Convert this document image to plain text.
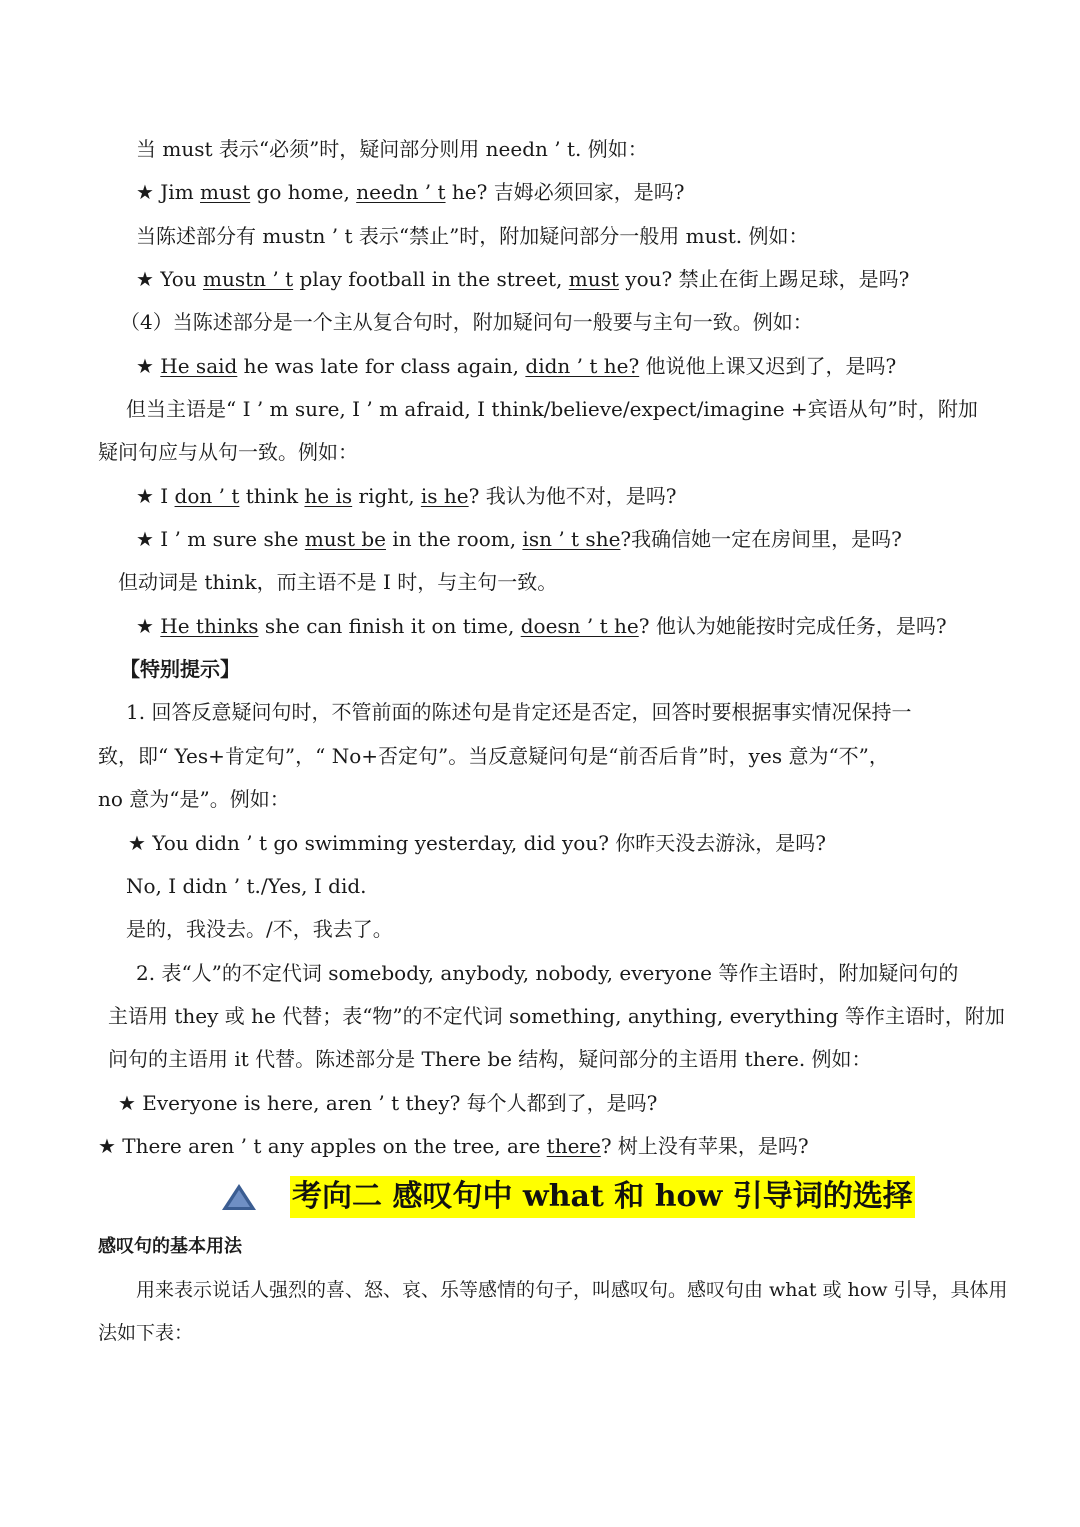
当 must 表示“必须”时，疑问部分则用 needn ’ t. 例如：
★ Jim must go home, needn ’ t he? 吉姆必须回家，是吗?
当陈述部分有 mustn ’ t 表示“禁止”时，附加疑问部分一般用 must. 例如：
★ You mustn ’ t play football in the street, must you? 禁止在街上踢足球，是吗?
（4）当陈述部分是一个主从复合句时，附加疑问句一般要与主句一致。例如：
★ He said he was late for class again, didn ’ t he? 他说他上课又迟到了，是吗?
但当主语是“ I ’ m sure, I ’ m afraid, I think/believe/expect/imagine +宾语从句”时，附加
疑问句应与从句一致。例如：
★ I don ’ t think he is right, is he? 我认为他不对，是吗?
★ I ’ m sure she must be in the room, isn ’ t she?我确信她一定在房间里，是吗?
但动词是 think，而主语不是 I 时，与主句一致。
★ He thinks she can finish it on time, doesn ’ t he? 他认为她能按时完成任务，是吗?
【特别提示】
1. 回答反意疑问句时，不管前面的陈述句是肯定还是否定，回答时要根据事实情况保持一
致，即“ Yes+肯定句”，“ No+否定句”。当反意疑问句是“前否后肯”时，yes 意为“不”，
no 意为“是”。例如：
★ You didn ’ t go swimming yesterday, did you? 你昨天没去游泳，是吗?
No, I didn ’ t./Yes, I did.
是的，我没去。/不，我去了。
2. 表“人”的不定代词 somebody, anybody, nobody, everyone 等作主语时，附加疑问句的
主语用 they 或 he 代替；表“物”的不定代词 something, anything, everything 等作主语时，附加
问句的主语用 it 代替。陈述部分是 There be 结构，疑问部分的主语用 there. 例如：
★ Everyone is here, aren ’ t they? 每个人都到了，是吗?
★ There aren ’ t any apples on the tree, are there? 树上没有苹果，是吗?
考向二 感叹句中 what 和 how 引导词的选择
感叹句的基本用法
用来表示说话人强烈的喜、怒、哀、乐等感情的句子，叫感叹句。感叹句由 what 或 how 引导，具体用
法如下表：
